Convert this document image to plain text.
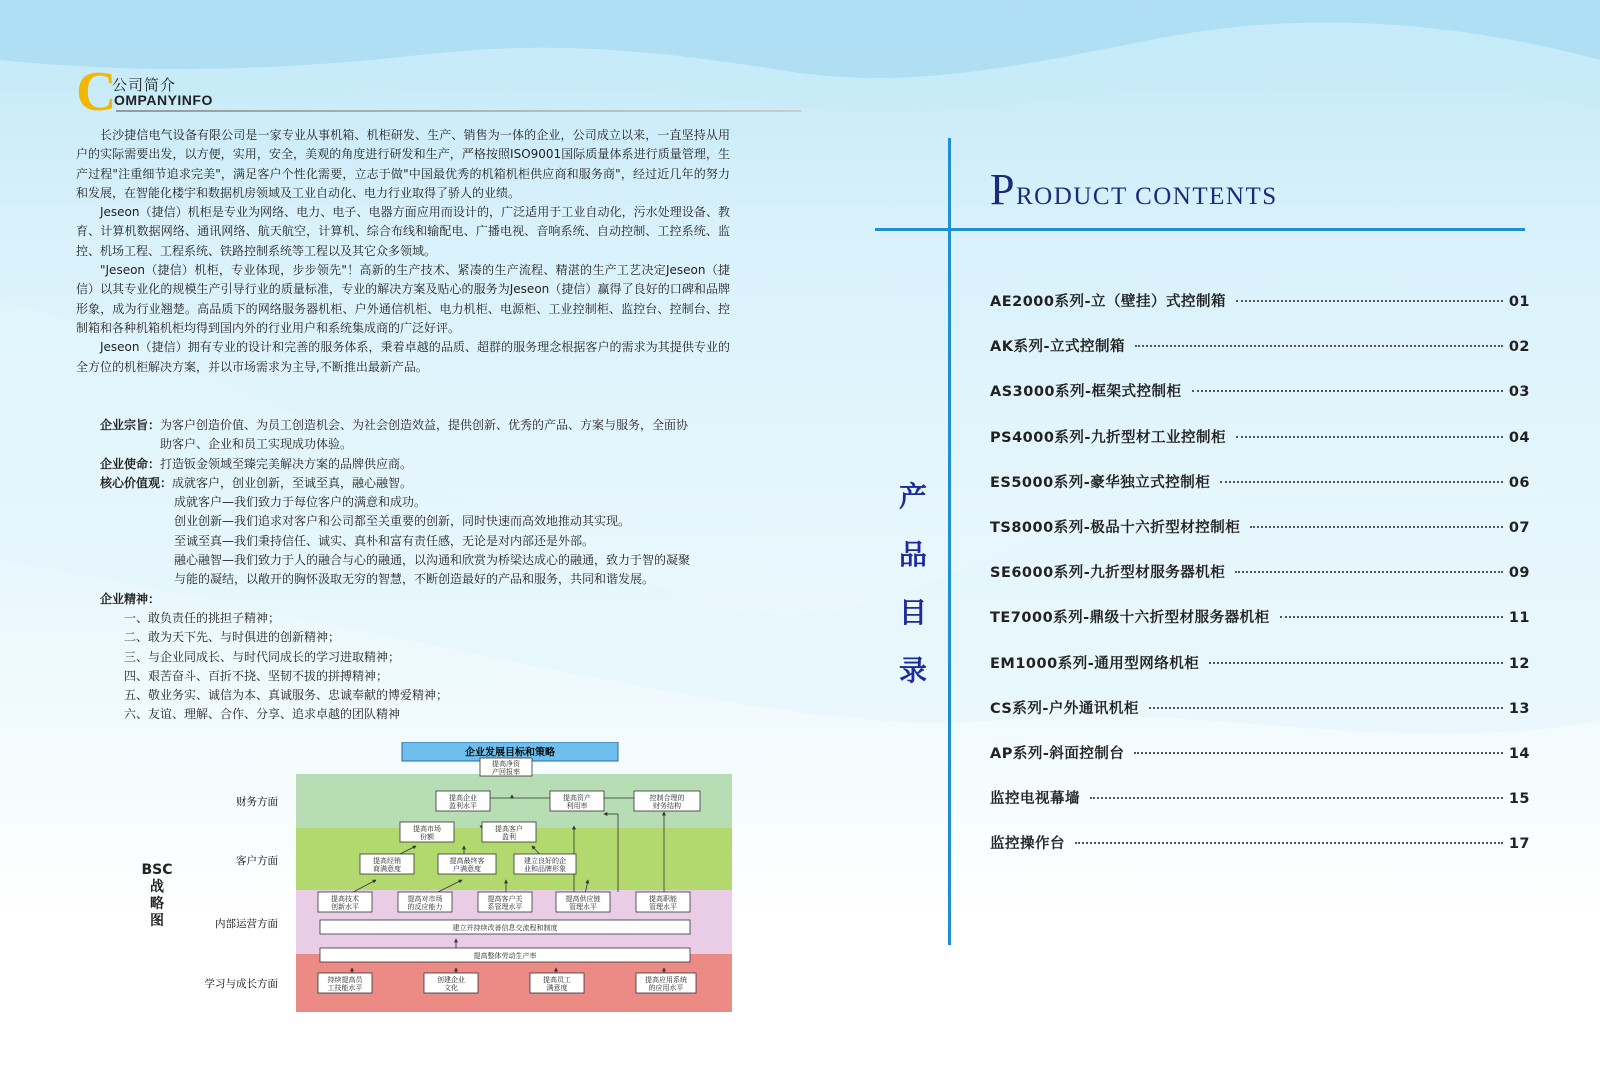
C
公司简介
OMPANYINFO

长沙捷信电气设备有限公司是一家专业从事机箱、机柜研发、生产、销售为一体的企业，公司成立以来，一直坚持从用户的实际需要出发，以方便，实用，安全，美观的角度进行研发和生产，严格按照ISO9001国际质量体系进行质量管理，生产过程"注重细节追求完美"，满足客户个性化需要，立志于做"中国最优秀的机箱机柜供应商和服务商"，经过近几年的努力和发展，在智能化楼宇和数据机房领域及工业自动化、电力行业取得了骄人的业绩。

Jeseon（捷信）机柜是专业为网络、电力、电子、电器方面应用而设计的，广泛适用于工业自动化，污水处理设备、教育、计算机数据网络、通讯网络、航天航空，计算机、综合布线和输配电、广播电视、音响系统、自动控制、工控系统、监控、机场工程、工程系统、铁路控制系统等工程以及其它众多领域。

"Jeseon（捷信）机柜，专业体现，步步领先"！高新的生产技术、紧凑的生产流程、精湛的生产工艺决定Jeseon（捷信）以其专业化的规模生产引导行业的质量标准，专业的解决方案及贴心的服务为Jeseon（捷信）赢得了良好的口碑和品牌形象，成为行业翘楚。高品质下的网络服务器机柜、户外通信机柜、电力机柜、电源柜、工业控制柜、监控台、控制台、控制箱和各种机箱机柜均得到国内外的行业用户和系统集成商的广泛好评。

Jeseon（捷信）拥有专业的设计和完善的服务体系，秉着卓越的品质、超群的服务理念根据客户的需求为其提供专业的全方位的机柜解决方案，并以市场需求为主导,不断推出最新产品。

企业宗旨： 为客户创造价值、为员工创造机会、为社会创造效益，提供创新、优秀的产品、方案与服务，全面协
助客户、企业和员工实现成功体验。
企业使命： 打造钣金领域至臻完美解决方案的品牌供应商。
核心价值观： 成就客户，创业创新，至诚至真，融心融智。
成就客户—我们致力于每位客户的满意和成功。
创业创新—我们追求对客户和公司都至关重要的创新，同时快速而高效地推动其实现。
至诚至真—我们秉持信任、诚实、真朴和富有责任感，无论是对内部还是外部。
融心融智—我们致力于人的融合与心的融通，以沟通和欣赏为桥梁达成心的融通，致力于智的凝聚
与能的凝结，以敞开的胸怀汲取无穷的智慧，不断创造最好的产品和服务，共同和谐发展。
企业精神：
一、敢负责任的挑担子精神；
二、敢为天下先、与时俱进的创新精神；
三、与企业同成长、与时代同成长的学习进取精神；
四、艰苦奋斗、百折不挠、坚韧不拔的拼搏精神；
五、敬业务实、诚信为本、真诚服务、忠诚奉献的博爱精神；
六、友谊、理解、合作、分享、追求卓越的团队精神
BSC
战
略
图
企业发展目标和策略
财务方面
客户方面
内部运营方面
学习与成长方面
提高净资
产回报率
提高企业
盈利水平
提高资产
利用率
控制合理的
财务结构
提高市场
份额
提高客户
盈利
提高经销
商满意度
提高最终客
户满意度
建立良好的企
业和品牌形象
提高技术
创新水平
提高对市场
的反应能力
提高客户关
系管理水平
提高供应链
管理水平
提高职能
管理水平
建立并持续改善信息交流程和制度
提高整体劳动生产率
持续提高员
工技能水平
创建企业
文化
提高员工
满意度
提高应用系统
的应用水平
PRODUCT CONTENTS
产
品
目
录
AE2000系列-立（壁挂）式控制箱	01
AK系列-立式控制箱	02
AS3000系列-框架式控制柜	03
PS4000系列-九折型材工业控制柜	04
ES5000系列-豪华独立式控制柜	06
TS8000系列-极品十六折型材控制柜	07
SE6000系列-九折型材服务器机柜	09
TE7000系列-鼎级十六折型材服务器机柜	11
EM1000系列-通用型网络机柜	12
CS系列-户外通讯机柜	13
AP系列-斜面控制台	14
监控电视幕墙	15
监控操作台	17
